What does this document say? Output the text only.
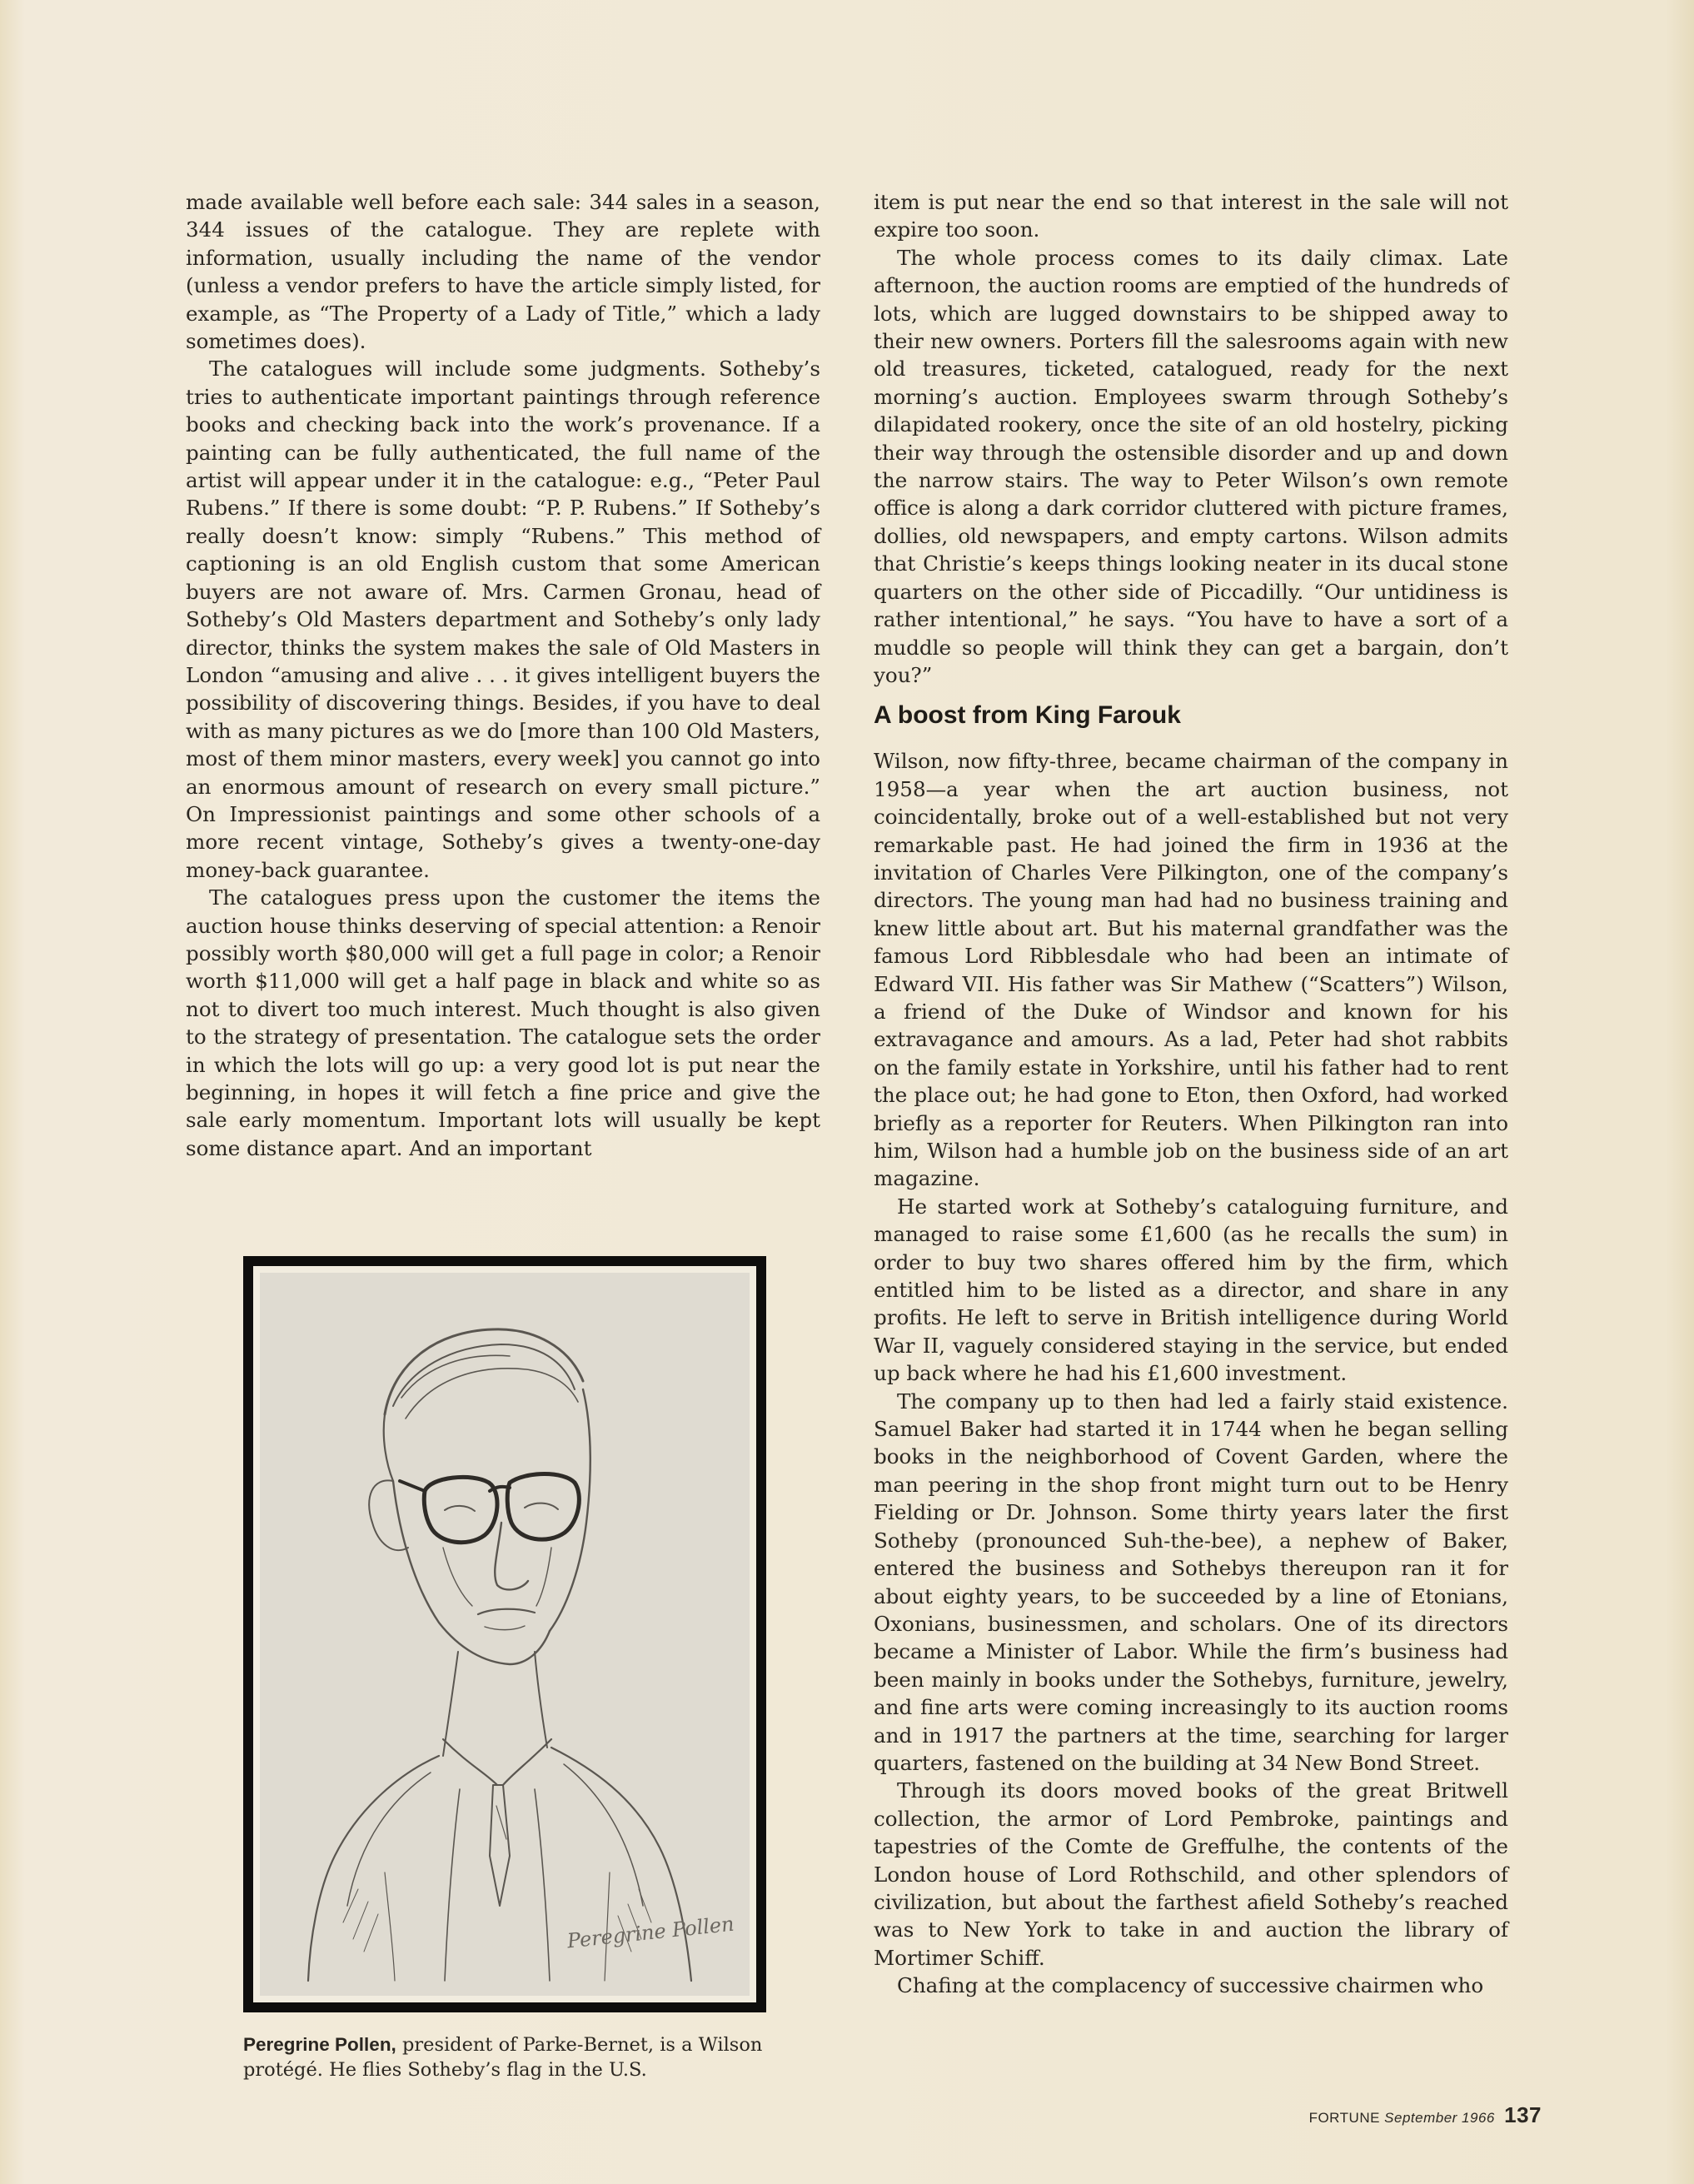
made available well before each sale: 344 sales in a season, 344 issues of the catalogue. They are replete with information, usually including the name of the vendor (unless a vendor prefers to have the article simply listed, for example, as “The Property of a Lady of Title,” which a lady sometimes does).

The catalogues will include some judgments. Sotheby’s tries to authenticate important paintings through reference books and checking back into the work’s provenance. If a painting can be fully authenticated, the full name of the artist will appear under it in the catalogue: e.g., “Peter Paul Rubens.” If there is some doubt: “P. P. Rubens.” If Sotheby’s really doesn’t know: simply “Rubens.” This method of captioning is an old English custom that some American buyers are not aware of. Mrs. Carmen Gronau, head of Sotheby’s Old Masters department and Sotheby’s only lady director, thinks the system makes the sale of Old Masters in London “amusing and alive . . . it gives intelligent buyers the possibility of discovering things. Besides, if you have to deal with as many pictures as we do [more than 100 Old Masters, most of them minor masters, every week] you cannot go into an enormous amount of research on every small picture.” On Impressionist paintings and some other schools of a more recent vintage, Sotheby’s gives a twenty-one-day money-back guarantee.

The catalogues press upon the customer the items the auction house thinks deserving of special attention: a Renoir possibly worth $80,000 will get a full page in color; a Renoir worth $11,000 will get a half page in black and white so as not to divert too much interest. Much thought is also given to the strategy of presentation. The catalogue sets the order in which the lots will go up: a very good lot is put near the beginning, in hopes it will fetch a fine price and give the sale early momentum. Important lots will usually be kept some distance apart. And an important

item is put near the end so that interest in the sale will not expire too soon.

The whole process comes to its daily climax. Late afternoon, the auction rooms are emptied of the hundreds of lots, which are lugged downstairs to be shipped away to their new owners. Porters fill the salesrooms again with new old treasures, ticketed, catalogued, ready for the next morning’s auction. Employees swarm through Sotheby’s dilapidated rookery, once the site of an old hostelry, picking their way through the ostensible disorder and up and down the narrow stairs. The way to Peter Wilson’s own remote office is along a dark corridor cluttered with picture frames, dollies, old newspapers, and empty cartons. Wilson admits that Christie’s keeps things looking neater in its ducal stone quarters on the other side of Piccadilly. “Our untidiness is rather intentional,” he says. “You have to have a sort of a muddle so people will think they can get a bargain, don’t you?”

A boost from King Farouk

Wilson, now fifty-three, became chairman of the company in 1958—a year when the art auction business, not coincidentally, broke out of a well-established but not very remarkable past. He had joined the firm in 1936 at the invitation of Charles Vere Pilkington, one of the company’s directors. The young man had had no business training and knew little about art. But his maternal grandfather was the famous Lord Ribblesdale who had been an intimate of Edward VII. His father was Sir Mathew (“Scatters”) Wilson, a friend of the Duke of Windsor and known for his extravagance and amours. As a lad, Peter had shot rabbits on the family estate in Yorkshire, until his father had to rent the place out; he had gone to Eton, then Oxford, had worked briefly as a reporter for Reuters. When Pilkington ran into him, Wilson had a humble job on the business side of an art magazine.

He started work at Sotheby’s cataloguing furniture, and managed to raise some £1,600 (as he recalls the sum) in order to buy two shares offered him by the firm, which entitled him to be listed as a director, and share in any profits. He left to serve in British intelligence during World War II, vaguely considered staying in the service, but ended up back where he had his £1,600 investment.

The company up to then had led a fairly staid existence. Samuel Baker had started it in 1744 when he began selling books in the neighborhood of Covent Garden, where the man peering in the shop front might turn out to be Henry Fielding or Dr. Johnson. Some thirty years later the first Sotheby (pronounced Suh-the-bee), a nephew of Baker, entered the business and Sothebys thereupon ran it for about eighty years, to be succeeded by a line of Etonians, Oxonians, businessmen, and scholars. One of its directors became a Minister of Labor. While the firm’s business had been mainly in books under the Sothebys, furniture, jewelry, and fine arts were coming increasingly to its auction rooms and in 1917 the partners at the time, searching for larger quarters, fastened on the building at 34 New Bond Street.

Through its doors moved books of the great Britwell collection, the armor of Lord Pembroke, paintings and tapestries of the Comte de Greffulhe, the contents of the London house of Lord Rothschild, and other splendors of civilization, but about the farthest afield Sotheby’s reached was to New York to take in and auction the library of Mortimer Schiff.

Chafing at the complacency of successive chairmen who

Peregrine Pollen
Peregrine Pollen, president of Parke-Bernet, is a Wilson protégé. He flies Sotheby’s flag in the U.S.
FORTUNE September 1966 137
